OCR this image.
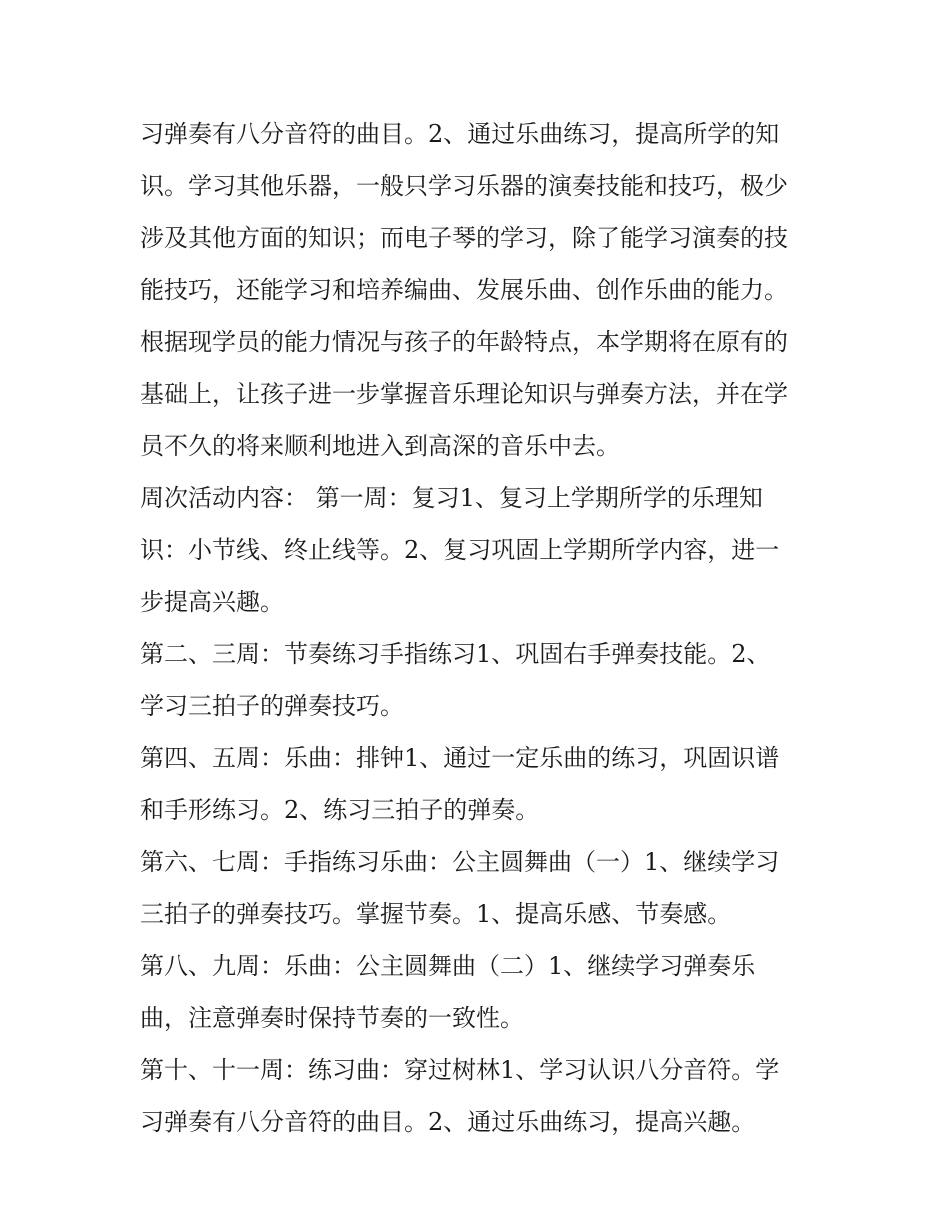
习弹奏有八分音符的曲目。2、通过乐曲练习，提高所学的知
识。学习其他乐器，一般只学习乐器的演奏技能和技巧，极少
涉及其他方面的知识；而电子琴的学习，除了能学习演奏的技
能技巧，还能学习和培养编曲、发展乐曲、创作乐曲的能力。
根据现学员的能力情况与孩子的年龄特点，本学期将在原有的
基础上，让孩子进一步掌握音乐理论知识与弹奏方法，并在学
员不久的将来顺利地进入到高深的音乐中去。
周次活动内容： 第一周：复习1、复习上学期所学的乐理知
识：小节线、终止线等。2、复习巩固上学期所学内容，进一
步提高兴趣。
第二、三周：节奏练习手指练习1、巩固右手弹奏技能。2、
学习三拍子的弹奏技巧。
第四、五周：乐曲：排钟1、通过一定乐曲的练习，巩固识谱
和手形练习。2、练习三拍子的弹奏。
第六、七周：手指练习乐曲：公主圆舞曲（一）1、继续学习
三拍子的弹奏技巧。掌握节奏。1、提高乐感、节奏感。
第八、九周：乐曲：公主圆舞曲（二）1、继续学习弹奏乐
曲，注意弹奏时保持节奏的一致性。
第十、十一周：练习曲：穿过树林1、学习认识八分音符。学
习弹奏有八分音符的曲目。2、通过乐曲练习，提高兴趣。
